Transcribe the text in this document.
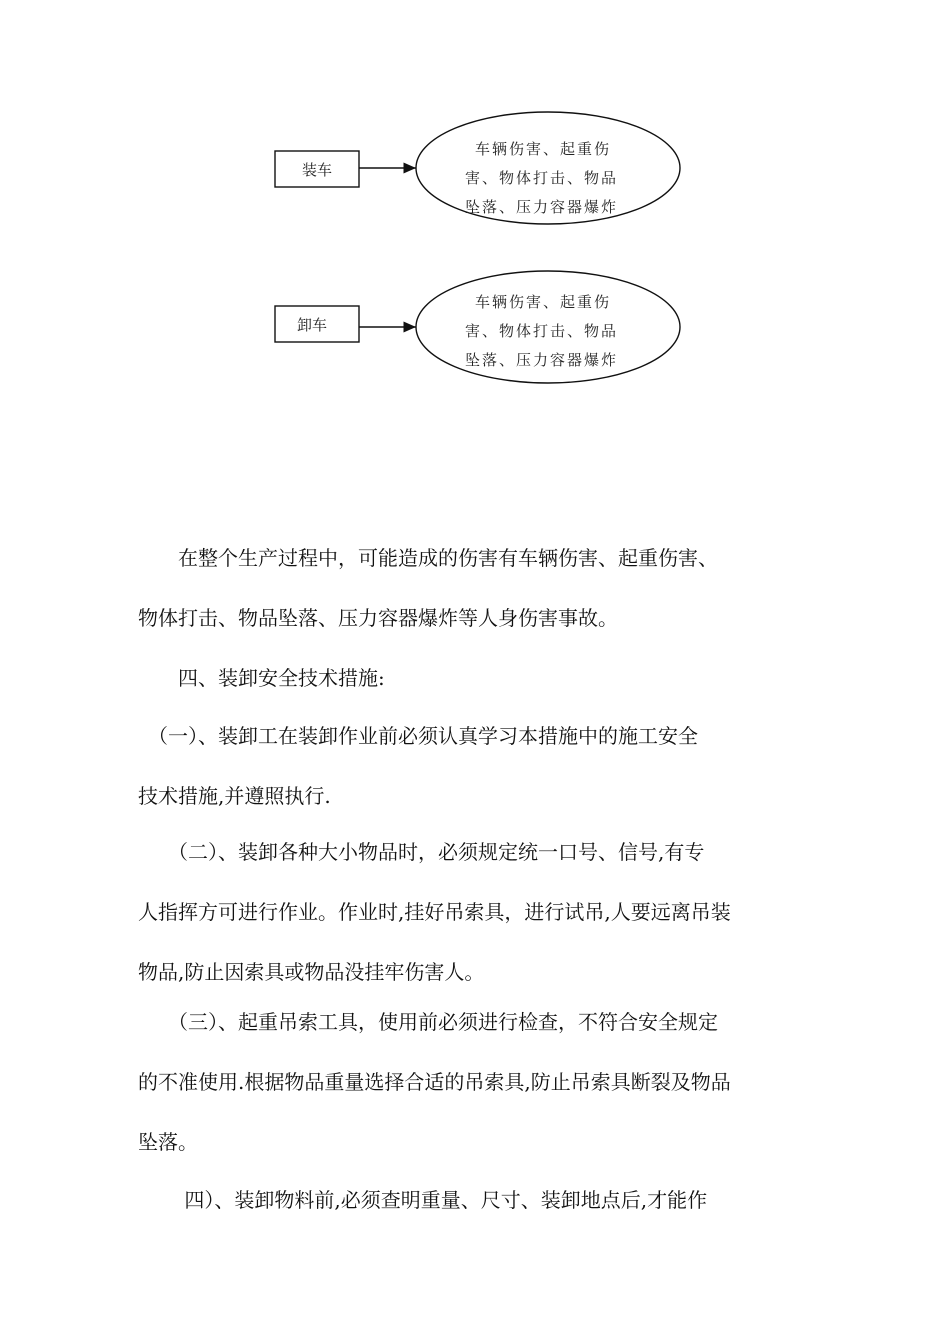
装车
车辆伤害、起重伤
害、物体打击、物品
坠落、压力容器爆炸
卸车
车辆伤害、起重伤
害、物体打击、物品
坠落、压力容器爆炸

　　在整个生产过程中，可能造成的伤害有车辆伤害、起重伤害、
物体打击、物品坠落、压力容器爆炸等人身伤害事故。

　　四、装卸安全技术措施:

　（一）、装卸工在装卸作业前必须认真学习本措施中的施工安全
技术措施,并遵照执行.

　　（二）、装卸各种大小物品时，必须规定统一口号、信号,有专
人指挥方可进行作业。作业时,挂好吊索具，进行试吊,人要远离吊装
物品,防止因索具或物品没挂牢伤害人。

　　（三）、起重吊索工具，使用前必须进行检查，不符合安全规定
的不准使用.根据物品重量选择合适的吊索具,防止吊索具断裂及物品
坠落。

　　 四）、装卸物料前,必须查明重量、尺寸、装卸地点后,才能作
